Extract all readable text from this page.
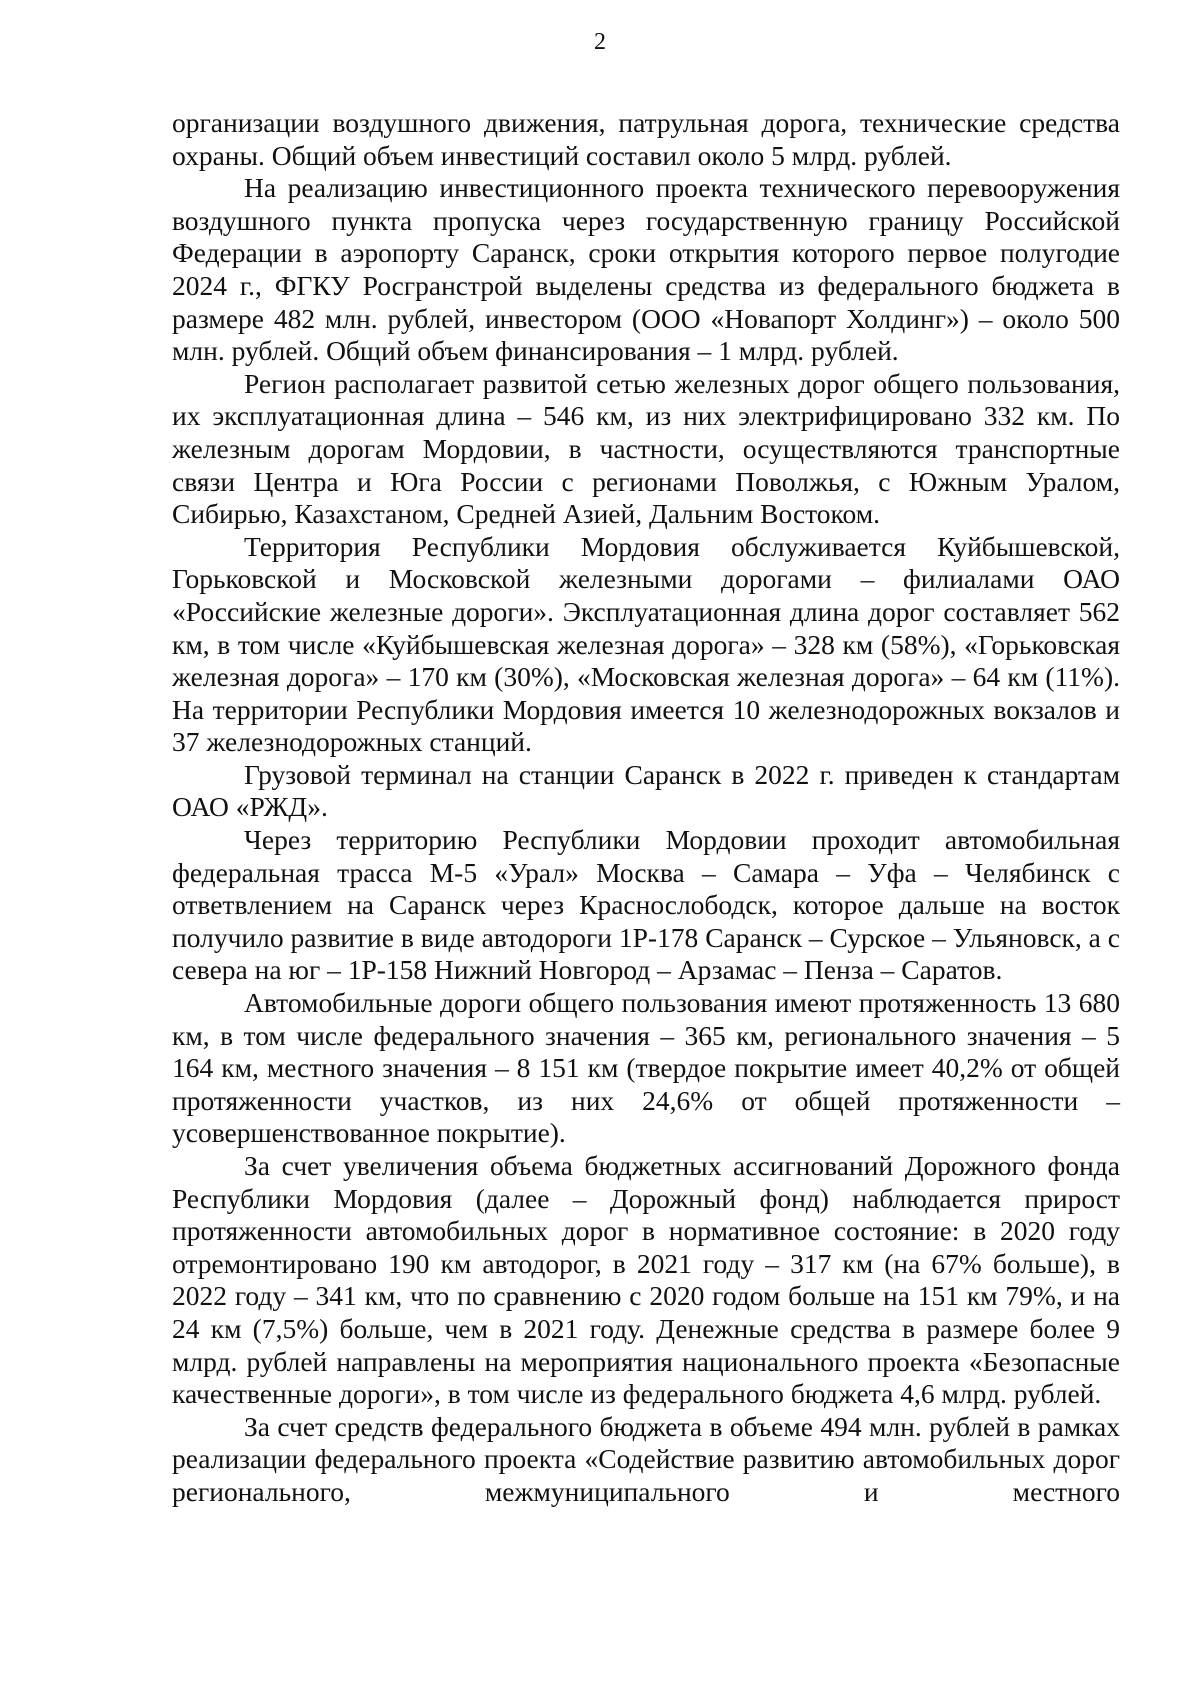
2

организации воздушного движения, патрульная дорога, технические средства охраны. Общий объем инвестиций составил около 5 млрд. рублей.

На реализацию инвестиционного проекта технического перевооружения воздушного пункта пропуска через государственную границу Российской Федерации в аэропорту Саранск, сроки открытия которого первое полугодие 2024 г., ФГКУ Росгранстрой выделены средства из федерального бюджета в размере 482 млн. рублей, инвестором (ООО «Новапорт Холдинг») – около 500 млн. рублей. Общий объем финансирования – 1 млрд. рублей.

Регион располагает развитой сетью железных дорог общего пользования, их эксплуатационная длина – 546 км, из них электрифицировано 332 км. По железным дорогам Мордовии, в частности, осуществляются транспортные связи Центра и Юга России с регионами Поволжья, с Южным Уралом, Сибирью, Казахстаном, Средней Азией, Дальним Востоком.

Территория Республики Мордовия обслуживается Куйбышевской, Горьковской и Московской железными дорогами – филиалами ОАО «Российские железные дороги». Эксплуатационная длина дорог составляет 562 км, в том числе «Куйбышевская железная дорога» – 328 км (58%), «Горьковская железная дорога» – 170 км (30%), «Московская железная дорога» – 64 км (11%). На территории Республики Мордовия имеется 10 железнодорожных вокзалов и 37 железнодорожных станций.

Грузовой терминал на станции Саранск в 2022 г. приведен к стандартам ОАО «РЖД».

Через территорию Республики Мордовии проходит автомобильная федеральная трасса М-5 «Урал» Москва – Самара – Уфа – Челябинск с ответвлением на Саранск через Краснослободск, которое дальше на восток получило развитие в виде автодороги 1Р-178 Саранск – Сурское – Ульяновск, а с севера на юг – 1Р-158 Нижний Новгород – Арзамас – Пенза – Саратов.

Автомобильные дороги общего пользования имеют протяженность 13 680 км, в том числе федерального значения – 365 км, регионального значения – 5 164 км, местного значения – 8 151 км (твердое покрытие имеет 40,2% от общей протяженности участков, из них 24,6% от общей протяженности – усовершенствованное покрытие).

За счет увеличения объема бюджетных ассигнований Дорожного фонда Республики Мордовия (далее – Дорожный фонд) наблюдается прирост протяженности автомобильных дорог в нормативное состояние: в 2020 году отремонтировано 190 км автодорог, в 2021 году – 317 км (на 67% больше), в 2022 году – 341 км, что по сравнению с 2020 годом больше на 151 км 79%, и на 24 км (7,5%) больше, чем в 2021 году. Денежные средства в размере более 9 млрд. рублей направлены на мероприятия национального проекта «Безопасные качественные дороги», в том числе из федерального бюджета 4,6 млрд. рублей.

За счет средств федерального бюджета в объеме 494 млн. рублей в рамках реализации федерального проекта «Содействие развитию автомобильных дорог регионального, межмуниципального и местного
